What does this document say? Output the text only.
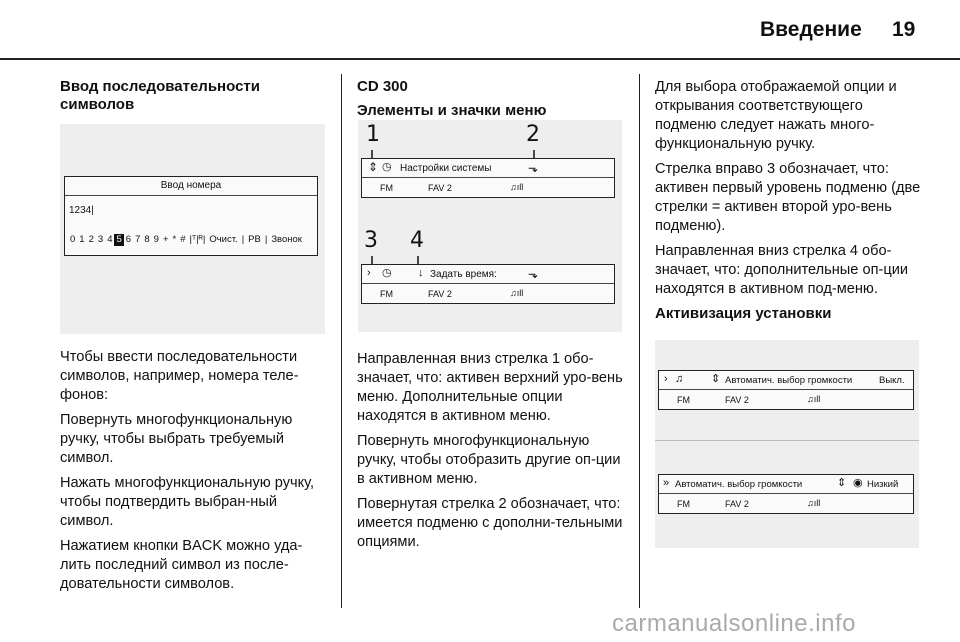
Введение 19

Ввод последовательности символов

Ввод номера
1234|
0 1 2 3 4 5 6 7 8 9 + * # |ᵀ|ᴿ| Очист. | PB | Звонок

Чтобы ввести последовательности символов, например, номера теле-фонов:

Повернуть многофункциональную ручку, чтобы выбрать требуемый символ.

Нажать многофункциональную ручку, чтобы подтвердить выбран-ный символ.

Нажатием кнопки BACK можно уда-лить последний символ из после-довательности символов.

CD 300

Элементы и значки меню

1	2
⇕ ◷ Настройки системы	⬎
FM	FAV 2	♫ıll
3 4
› ◷ ↓ Задать время:	⬎
FM	FAV 2	♫ıll

Направленная вниз стрелка 1 обо-значает, что: активен верхний уро-вень меню. Дополнительные опции находятся в активном меню.

Повернуть многофункциональную ручку, чтобы отобразить другие оп-ции в активном меню.

Повернутая стрелка 2 обозначает, что: имеется подменю с дополни-тельными опциями.

Для выбора отображаемой опции и открывания соответствующего подменю следует нажать много-функциональную ручку.

Стрелка вправо 3 обозначает, что: активен первый уровень подменю (две стрелки = активен второй уро-вень подменю).

Направленная вниз стрелка 4 обо-значает, что: дополнительные оп-ции находятся в активном под-меню.

Активизация установки

› ♫	⇕ Автоматич. выбор громкости	Выкл.
FM	FAV 2	♫ıll
» Автоматич. выбор громкости	⇕ ◉ Низкий
FM	FAV 2	♫ıll
carmanualsonline.info
